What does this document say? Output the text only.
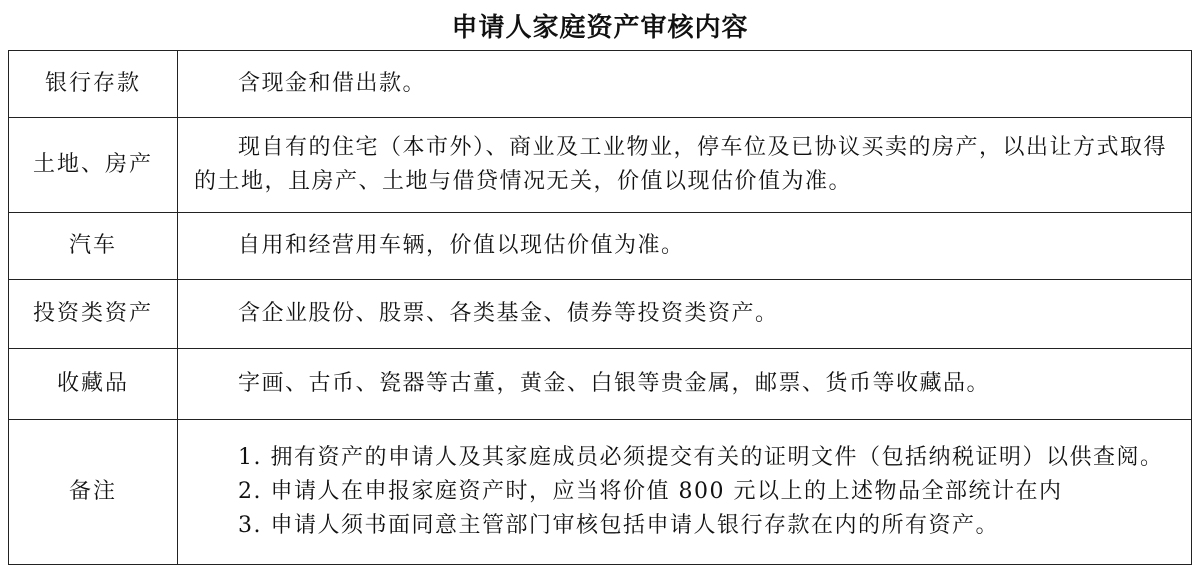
申请人家庭资产审核内容
银行存款	含现金和借出款。
土地、房产	现自有的住宅（本市外）、商业及工业物业，停车位及已协议买卖的房产，以出让方式取得的土地，且房产、土地与借贷情况无关，价值以现估价值为准。
汽车	自用和经营用车辆，价值以现估价值为准。
投资类资产	含企业股份、股票、各类基金、债券等投资类资产。
收藏品	字画、古币、瓷器等古董，黄金、白银等贵金属，邮票、货币等收藏品。
备注	1. 拥有资产的申请人及其家庭成员必须提交有关的证明文件（包括纳税证明）以供查阅。

2. 申请人在申报家庭资产时，应当将价值 800 元以上的上述物品全部统计在内

3. 申请人须书面同意主管部门审核包括申请人银行存款在内的所有资产。
